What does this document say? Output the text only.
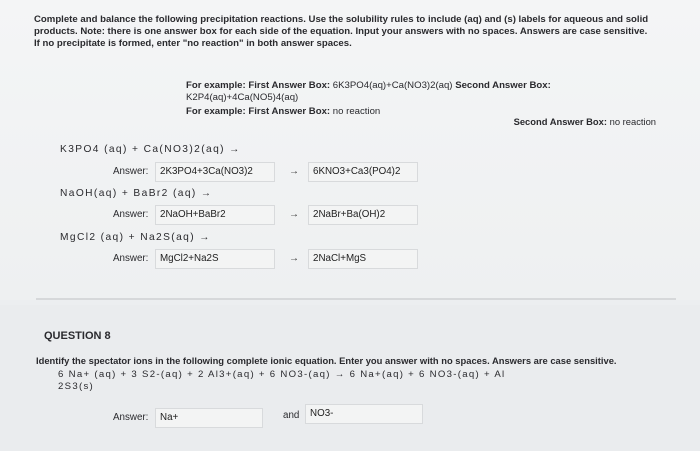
Complete and balance the following precipitation reactions. Use the solubility rules to include (aq) and (s) labels for aqueous and solid
products. Note: there is one answer box for each side of the equation. Input your answers with no spaces. Answers are case sensitive.
If no precipitate is formed, enter "no reaction" in both answer spaces.
For example: First Answer Box: 6K3PO4(aq)+Ca(NO3)2(aq) Second Answer Box:
K2P4(aq)+4Ca(NO5)4(aq)
For example: First Answer Box: no reaction
Second Answer Box: no reaction
K3PO4 (aq) + Ca(NO3)2(aq) →
Answer:	2K3PO4+3Ca(NO3)2	→	6KNO3+Ca3(PO4)2
NaOH(aq) + BaBr2 (aq) →
Answer:	2NaOH+BaBr2	→	2NaBr+Ba(OH)2
MgCl2 (aq) + Na2S(aq) →
Answer:	MgCl2+Na2S	→	2NaCl+MgS
QUESTION 8
Identify the spectator ions in the following complete ionic equation. Enter you answer with no spaces. Answers are case sensitive.
6 Na+ (aq) + 3 S2-(aq) + 2 Al3+(aq) + 6 NO3-(aq) → 6 Na+(aq) + 6 NO3-(aq) + Al
2S3(s)
Answer:	Na+	and	NO3-
